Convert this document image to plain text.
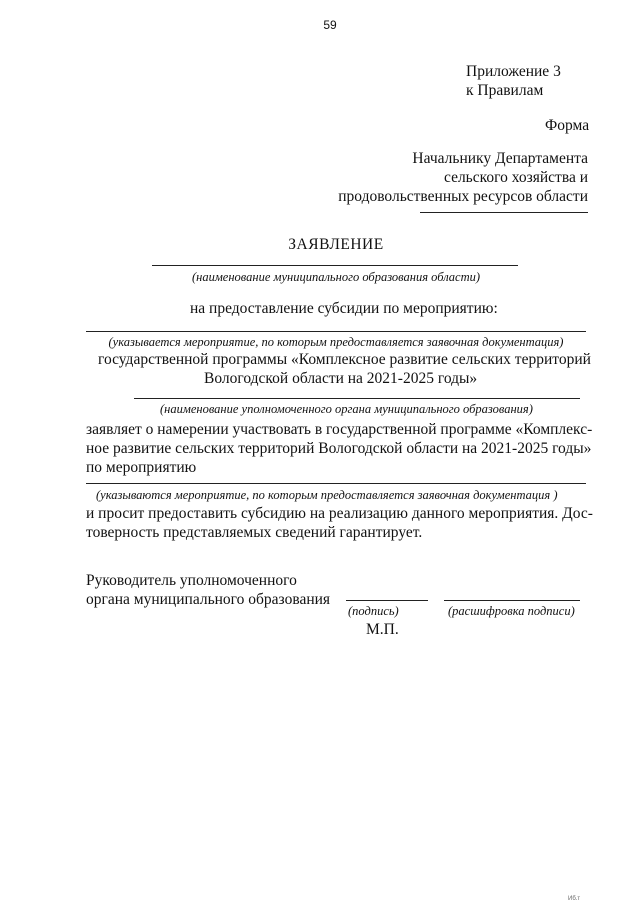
59
Приложение 3
к Правилам
Форма
Начальнику Департамента
сельского хозяйства и
продовольственных ресурсов области
ЗАЯВЛЕНИЕ
(наименование муниципального образования области)
на предоставление субсидии по мероприятию:
(указывается мероприятие, по которым предоставляется заявочная документация)
государственной программы «Комплексное развитие сельских территорий
Вологодской области на 2021-2025 годы»
(наименование уполномоченного органа муниципального образования)
заявляет о намерении участвовать в государственной программе «Комплекс-
ное развитие сельских территорий Вологодской области на 2021-2025 годы»
по мероприятию
(указываются мероприятие, по которым предоставляется заявочная документация )
и просит предоставить субсидию на реализацию данного мероприятия. Дос-
товерность представляемых сведений гарантирует.
Руководитель уполномоченного
органа муниципального образования
(подпись)	(расшифровка подписи)
М.П.
Иб.т
